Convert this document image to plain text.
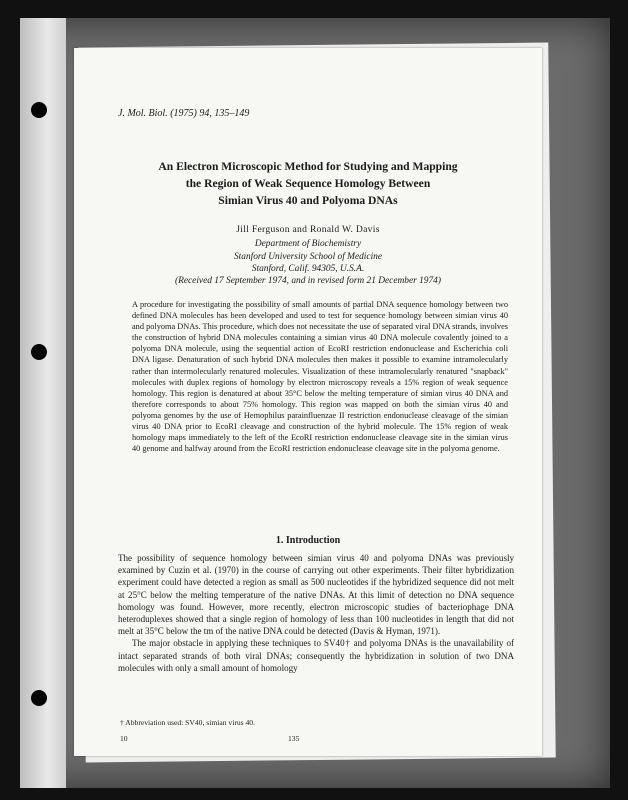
J. Mol. Biol. (1975) 94, 135–149
An Electron Microscopic Method for Studying and Mapping
the Region of Weak Sequence Homology Between
Simian Virus 40 and Polyoma DNAs
Jill Ferguson and Ronald W. Davis
Department of Biochemistry
Stanford University School of Medicine
Stanford, Calif. 94305, U.S.A.
(Received 17 September 1974, and in revised form 21 December 1974)

A procedure for investigating the possibility of small amounts of partial DNA sequence homology between two defined DNA molecules has been developed and used to test for sequence homology between simian virus 40 and polyoma DNAs. This procedure, which does not necessitate the use of separated viral DNA strands, involves the construction of hybrid DNA molecules containing a simian virus 40 DNA molecule covalently joined to a polyoma DNA molecule, using the sequential action of EcoRI restriction endonuclease and Escherichia coli DNA ligase. Denaturation of such hybrid DNA molecules then makes it possible to examine intramolecularly rather than intermolecularly renatured molecules. Visualization of these intramolecularly renatured "snapback" molecules with duplex regions of homology by electron microscopy reveals a 15% region of weak sequence homology. This region is denatured at about 35°C below the melting temperature of simian virus 40 DNA and therefore corresponds to about 75% homology. This region was mapped on both the simian virus 40 and polyoma genomes by the use of Hemophilus parainfluenzae II restriction endonuclease cleavage of the simian virus 40 DNA prior to EcoRI cleavage and construction of the hybrid molecule. The 15% region of weak homology maps immediately to the left of the EcoRI restriction endonuclease cleavage site in the simian virus 40 genome and halfway around from the EcoRI restriction endonuclease cleavage site in the polyoma genome.

1. Introduction

The possibility of sequence homology between simian virus 40 and polyoma DNAs was previously examined by Cuzin et al. (1970) in the course of carrying out other experiments. Their filter hybridization experiment could have detected a region as small as 500 nucleotides if the hybridized sequence did not melt at 25°C below the melting temperature of the native DNAs. At this limit of detection no DNA sequence homology was found. However, more recently, electron microscopic studies of bacteriophage DNA heteroduplexes showed that a single region of homology of less than 100 nucleotides in length that did not melt at 35°C below the tm of the native DNA could be detected (Davis & Hyman, 1971).

The major obstacle in applying these techniques to SV40† and polyoma DNAs is the unavailability of intact separated strands of both viral DNAs; consequently the hybridization in solution of two DNA molecules with only a small amount of homology

† Abbreviation used: SV40, simian virus 40.
10	135
